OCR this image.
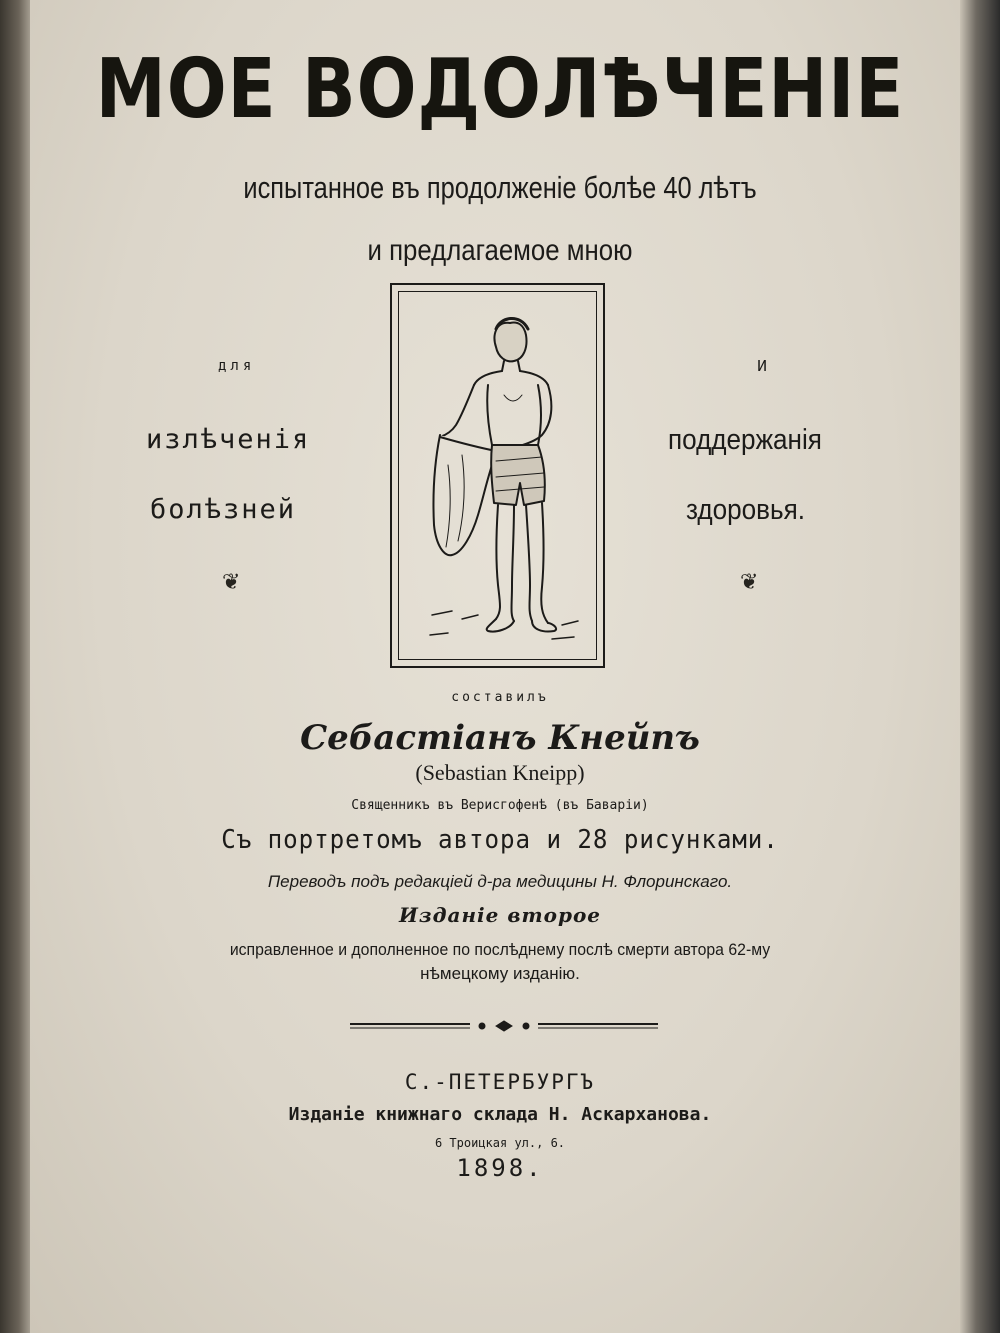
МОЕ ВОДОЛѢЧЕНІЕ
испытанное въ продолженіе болѣе 40 лѣтъ
и предлагаемое мною
для
излѣченія
болѣзней
❦
и
поддержанія
здоровья.
❦
составилъ
Себастіанъ Кнейпъ
(Sebastian Kneipp)
Священникъ въ Верисгофенѣ (въ Баваріи)
Съ портретомъ автора и 28 рисунками.
Переводъ подъ редакціей д-ра медицины Н. Флоринскаго.
Изданіе второе
исправленное и дополненное по послѣднему послѣ смерти автора 62-му
нѣмецкому изданію.
С.-ПЕТЕРБУРГЪ
Изданіе книжнаго склада Н. Аскарханова.
6 Троицкая ул., 6.
1898.
